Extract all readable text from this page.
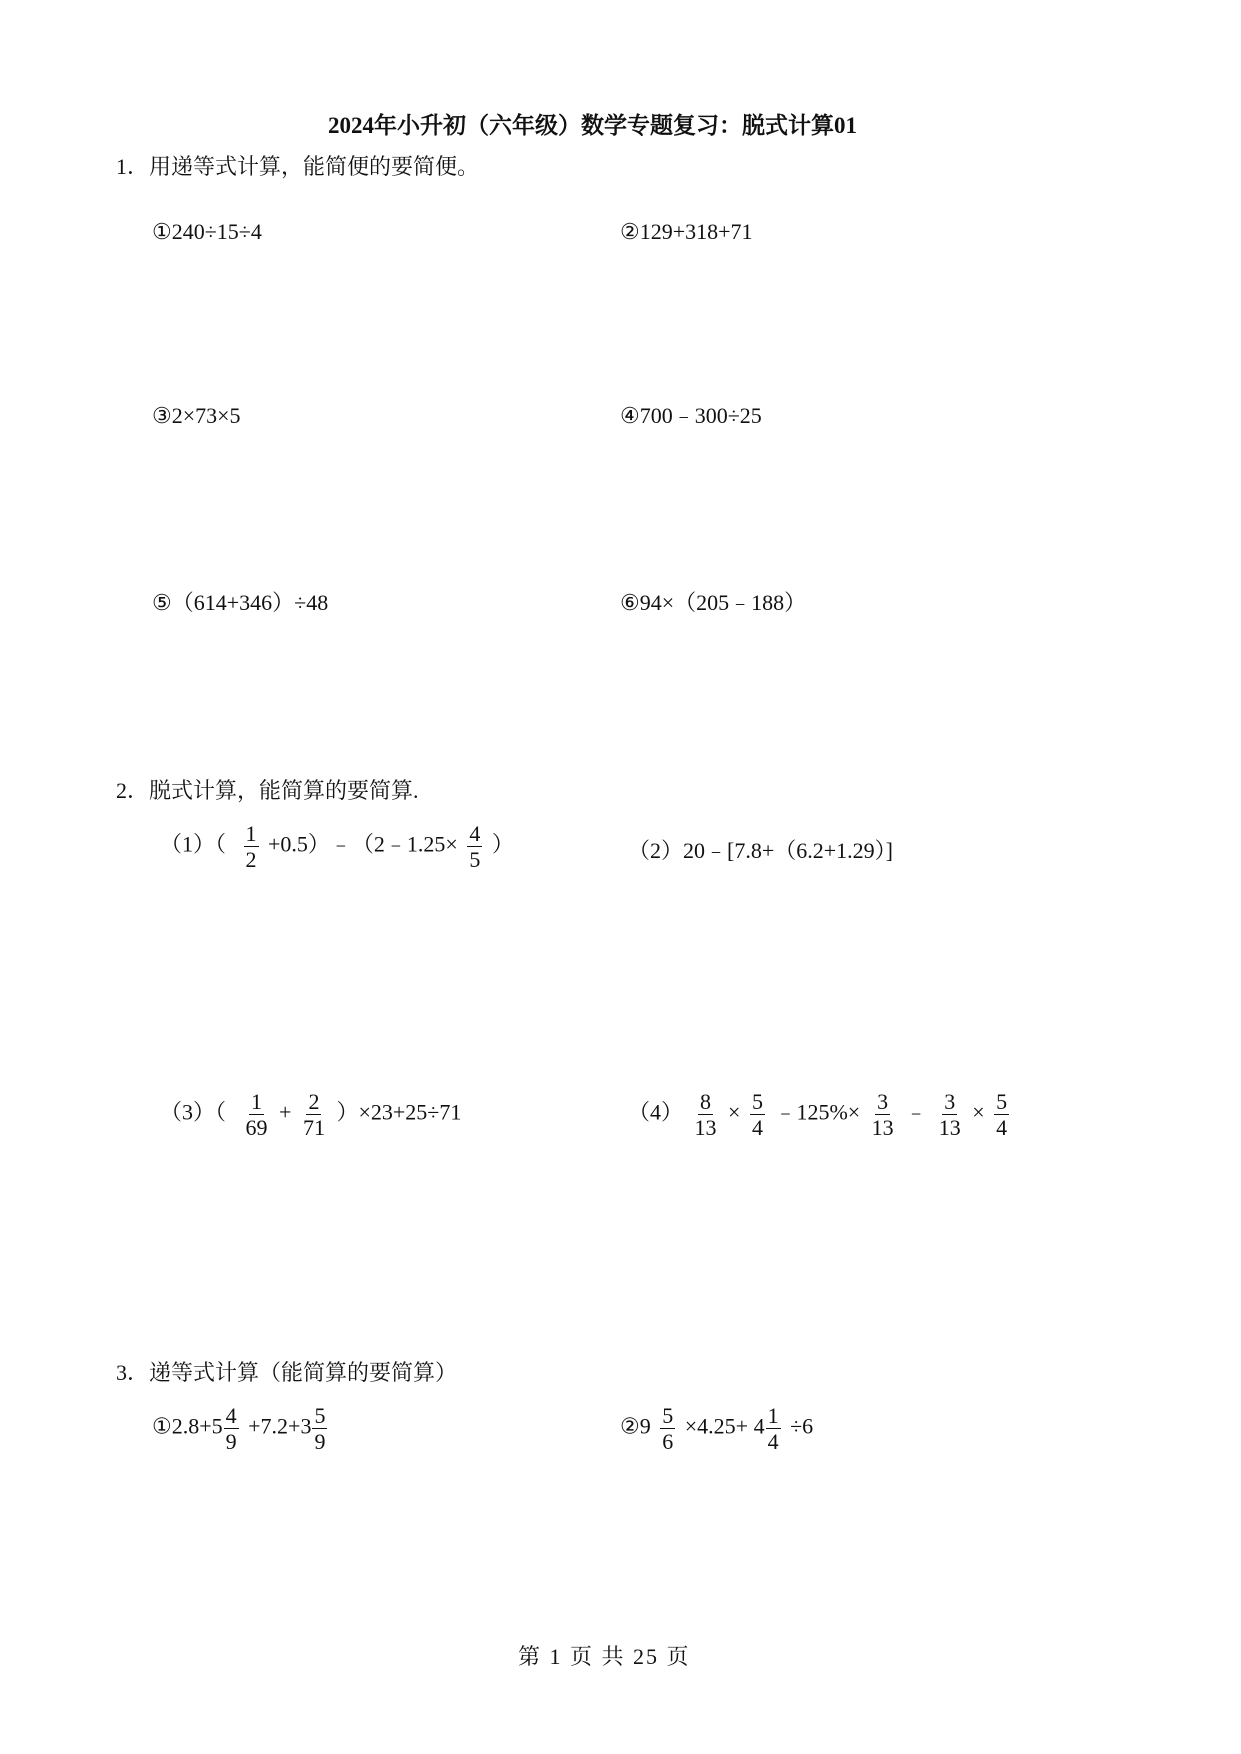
2024年小升初（六年级）数学专题复习：脱式计算01
1．用递等式计算，能简便的要简便。
①240÷15÷4	②129+318+71
③2×73×5	④700﹣300÷25
⑤（614+346）÷48	⑥94×（205﹣188）
2．脱式计算，能简算的要简算.
$(1)( \frac{1}{2}$ +0.5）﹣（2﹣1.25× $\frac{4}{5}$ ）	（2）20﹣[7.8+（6.2+1.29）]
$(3)( \frac{1}{69} + \frac{2}{71} )\times 23+25\div 71$	$(4) \frac{8}{13} \times \frac{5}{4}$ ﹣125%× $\frac{3}{13}$ ﹣ $\frac{3}{13} \times \frac{5}{4}$
3．递等式计算（能简算的要简算）
①2.8+5 $\frac{4}{9} +7.2+3 \frac{5}{9}$	②9 $\frac{5}{6} \times 4.25+ 4 \frac{1}{4} \div 6$
第 1 页 共 25 页
